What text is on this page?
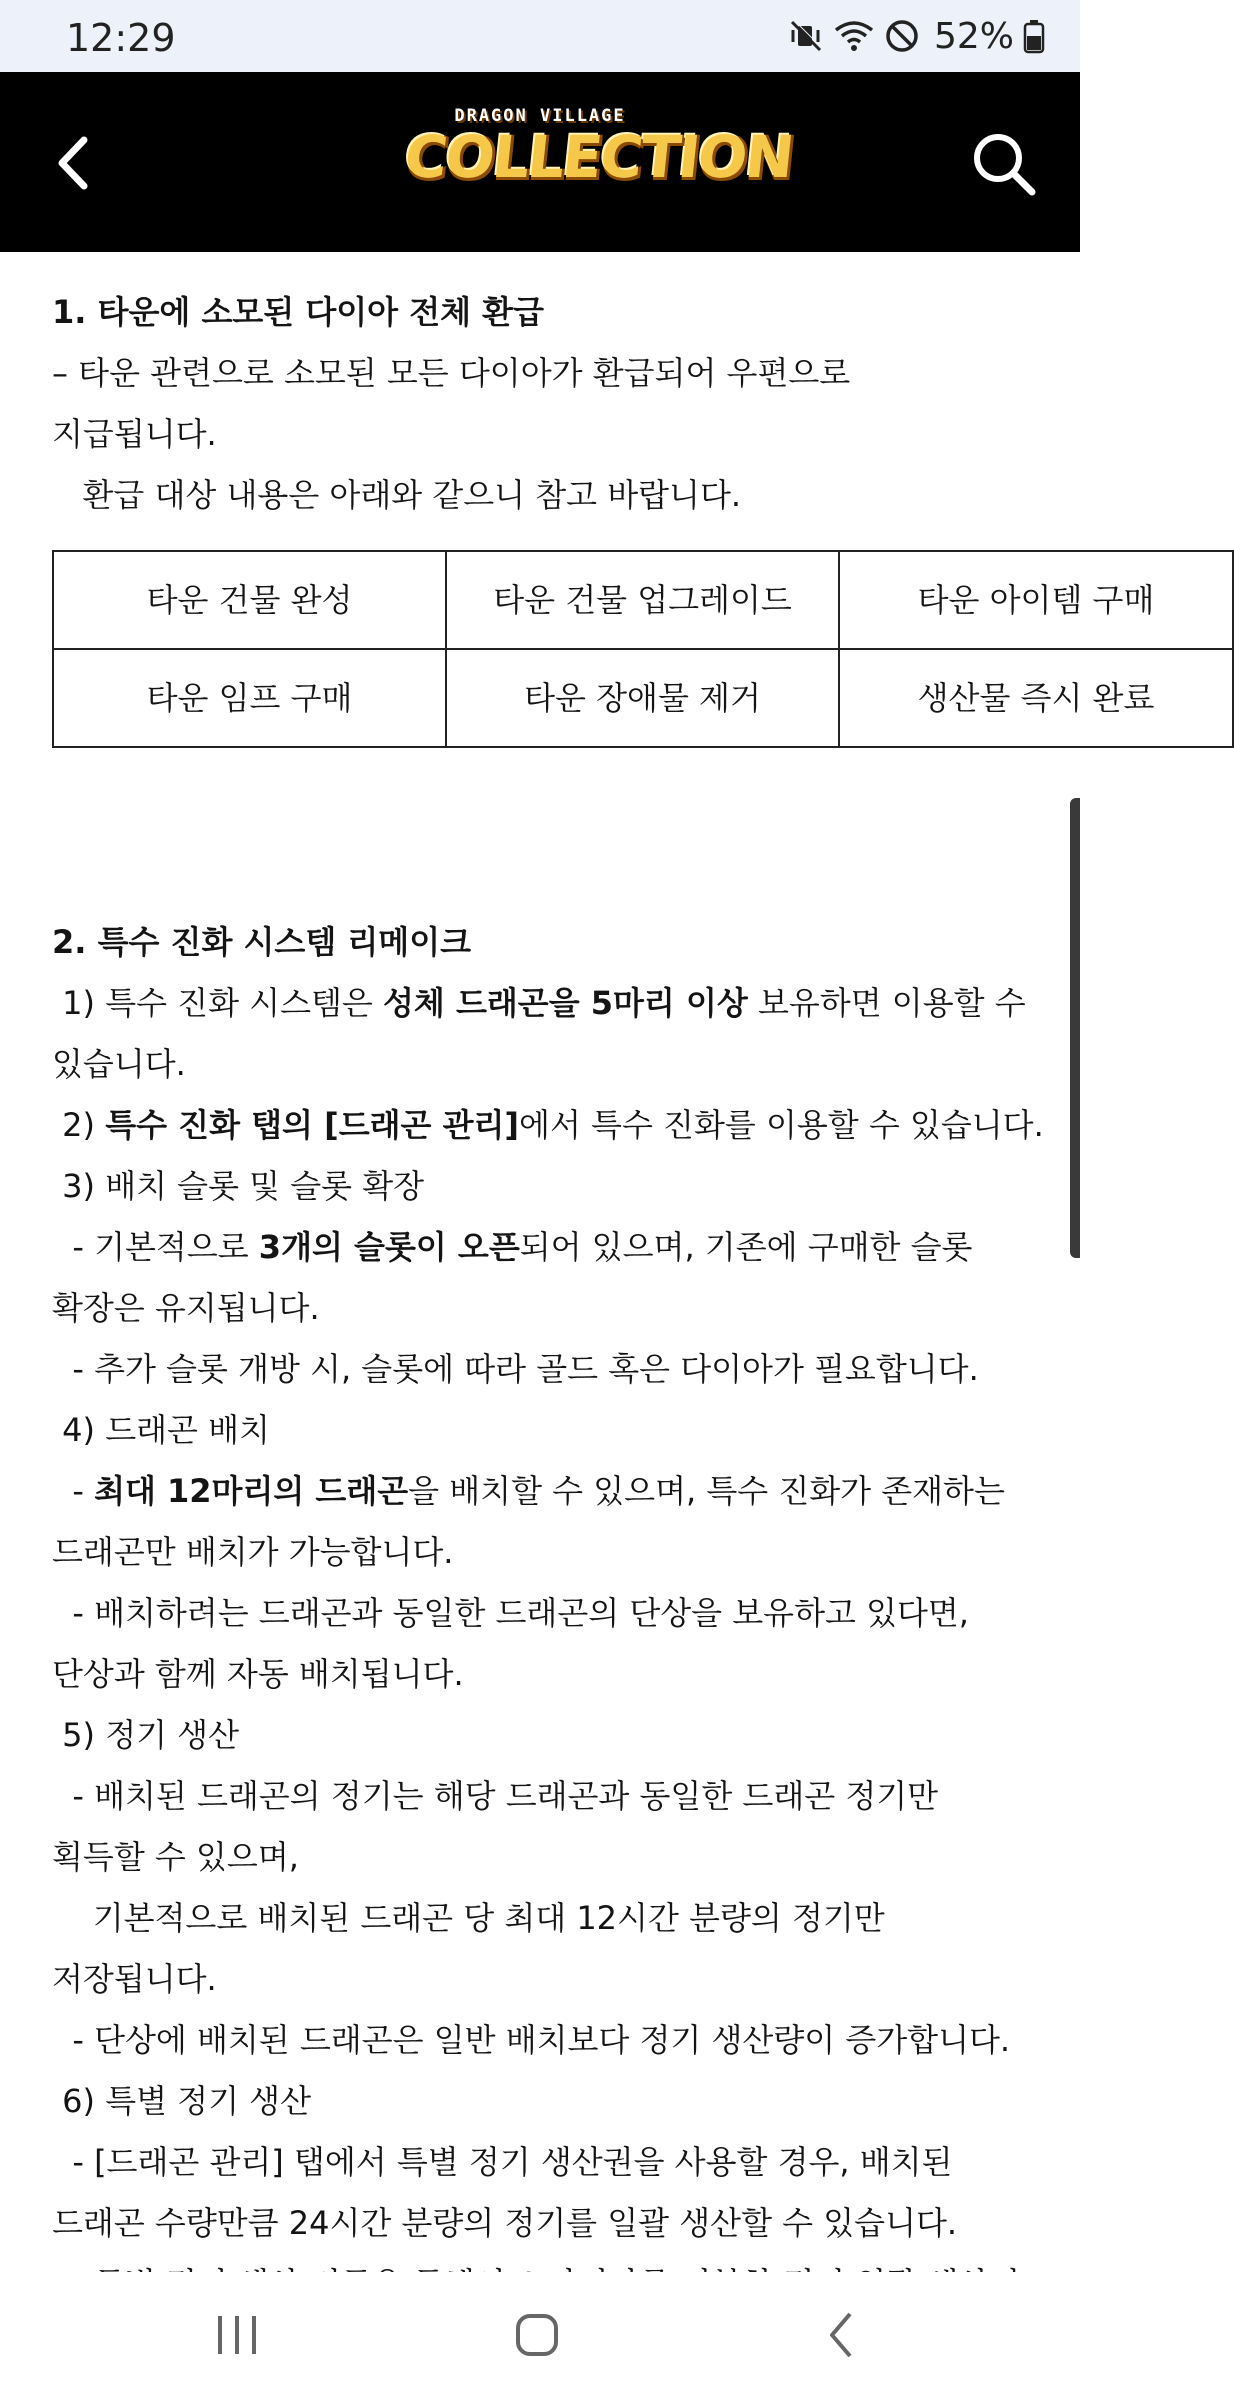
12:29	52%
DRAGON VILLAGE
COLLECTION

1. 타운에 소모된 다이아 전체 환급

– 타운 관련으로 소모된 모든 다이아가 환급되어 우편으로

지급됩니다.

환급 대상 내용은 아래와 같으니 참고 바랍니다.

타운 건물 완성	타운 건물 업그레이드	타운 아이템 구매
타운 임프 구매	타운 장애물 제거	생산물 즉시 완료

2. 특수 진화 시스템 리메이크

1) 특수 진화 시스템은 성체 드래곤을 5마리 이상 보유하면 이용할 수

있습니다.

2) 특수 진화 탭의 [드래곤 관리]에서 특수 진화를 이용할 수 있습니다.

3) 배치 슬롯 및 슬롯 확장

- 기본적으로 3개의 슬롯이 오픈되어 있으며, 기존에 구매한 슬롯

확장은 유지됩니다.

- 추가 슬롯 개방 시, 슬롯에 따라 골드 혹은 다이아가 필요합니다.

4) 드래곤 배치

- 최대 12마리의 드래곤을 배치할 수 있으며, 특수 진화가 존재하는

드래곤만 배치가 가능합니다.

- 배치하려는 드래곤과 동일한 드래곤의 단상을 보유하고 있다면,

단상과 함께 자동 배치됩니다.

5) 정기 생산

- 배치된 드래곤의 정기는 해당 드래곤과 동일한 드래곤 정기만

획득할 수 있으며,

기본적으로 배치된 드래곤 당 최대 12시간 분량의 정기만

저장됩니다.

- 단상에 배치된 드래곤은 일반 배치보다 정기 생산량이 증가합니다.

6) 특별 정기 생산

- [드래곤 관리] 탭에서 특별 정기 생산권을 사용할 경우, 배치된

드래곤 수량만큼 24시간 분량의 정기를 일괄 생산할 수 있습니다.
